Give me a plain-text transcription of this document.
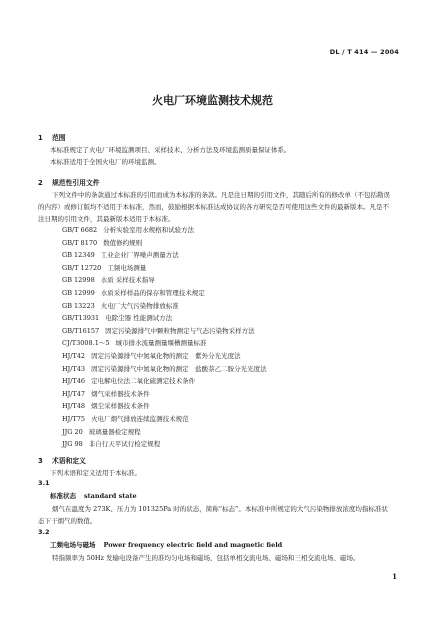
DL / T 414 — 2004
火电厂环境监测技术规范
1 范围
本标准规定了火电厂环境监测项目、采样技术、分析方法及环境监测质量保证体系。
本标准适用于全国火电厂的环境监测。
2 规范性引用文件
下列文件中的条款通过本标准的引用而成为本标准的条款。凡是注日期的引用文件，其随后所有的修改单（不包括勘误的内容）或修订版均不适用于本标准，然而，鼓励根据本标准达成协议的各方研究是否可使用这些文件的最新版本。凡是不注日期的引用文件，其最新版本适用于本标准。
GB/T 6682 分析实验室用水规格和试验方法
GB/T 8170 数值修约规则
GB 12349 工业企业厂界噪声测量方法
GB/T 12720 工频电场测量
GB 12998 水质 采样技术指导
GB 12999 水质采样样品的保存和管理技术规定
GB 13223 火电厂大气污染物排放标准
GB/T13931 电除尘器 性能测试方法
GB/T16157 固定污染源排气中颗粒物测定与气态污染物采样方法
CJ/T3008.1～5 城市排水流量测量堰槽测量标准
HJ/T42 固定污染源排气中氮氧化物的测定　紫外分光光度法
HJ/T43 固定污染源排气中氮氧化物的测定　盐酸萘乙二胺分光光度法
HJ/T46 定电解电位法二氧化硫测定技术条件
HJ/T47 烟气采样器技术条件
HJ/T48 烟尘采样器技术条件
HJ/T75 火电厂烟气排放连续监测技术规范
JJG 20 玻璃量器检定规程
JJG 98 非自行天平试行检定规程
3 术语和定义
下列术语和定义适用于本标准。
3.1
标准状态 standard state
烟气在温度为 273K、压力为 101325Pa 时的状态，简称“标态”。本标准中所规定的大气污染物排放浓度均指标准状态下干烟气的数值。
3.2
工频电场与磁场 Power frequency electric field and magnetic field
特指频率为 50Hz 发输电设备产生的准均匀电场和磁场，包括单相交流电场、磁场和三相交流电场、磁场。
1
